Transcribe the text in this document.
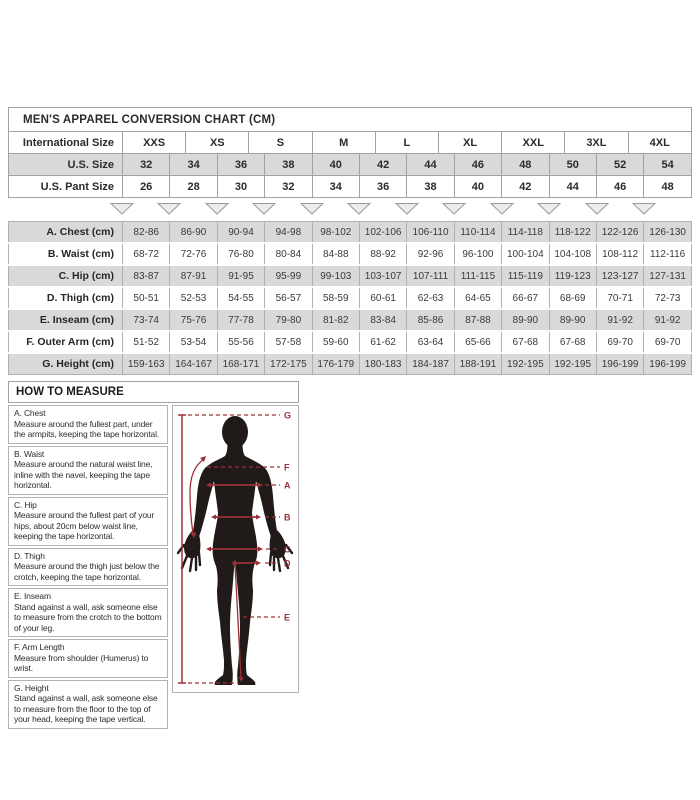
MEN'S APPAREL CONVERSION CHART (CM)																		
International Size	XXS		XS		S		M		L		XL		XXL		3XL		4XL	
U.S. Size	32	34		36		38	40	42		44		46	48	50		52		54
U.S. Pant Size	26	28		30		32	34	36		38		40	42	44		46		48
A. Chest (cm)	82-86	86-90	90-94	94-98	98-102	102-106	106-110	110-114	114-118	118-122	122-126	126-130
B. Waist (cm)	68-72	72-76	76-80	80-84	84-88	88-92	92-96	96-100	100-104	104-108	108-112	112-116
C. Hip (cm)	83-87	87-91	91-95	95-99	99-103	103-107	107-111	111-115	115-119	119-123	123-127	127-131
D. Thigh (cm)	50-51	52-53	54-55	56-57	58-59	60-61	62-63	64-65	66-67	68-69	70-71	72-73
E. Inseam (cm)	73-74	75-76	77-78	79-80	81-82	83-84	85-86	87-88	89-90	89-90	91-92	91-92
F. Outer Arm (cm)	51-52	53-54	55-56	57-58	59-60	61-62	63-64	65-66	67-68	67-68	69-70	69-70
G. Height (cm)	159-163	164-167	168-171	172-175	176-179	180-183	184-187	188-191	192-195	192-195	196-199	196-199
HOW TO MEASURE
A. Chest
Measure around the fullest part, under the armpits, keeping the tape horizontal.
B. Waist
Measure around the natural waist line, inline with the navel, keeping the tape horizontal.
C. Hip
Measure around the fullest part of your hips, about 20cm below waist line, keeping the tape horizontal.
D. Thigh
Measure around the thigh just below the crotch, keeping the tape horizontal.
E. Inseam
Stand against a wall, ask someone else to measure from the crotch to the bottom of your leg.
F. Arm Length
Measure from shoulder (Humerus) to wrist.
G. Height
Stand against a wall, ask someone else to measure from the floor to the top of your head, keeping the tape vertical.
G
F
A
B
C
D
E
